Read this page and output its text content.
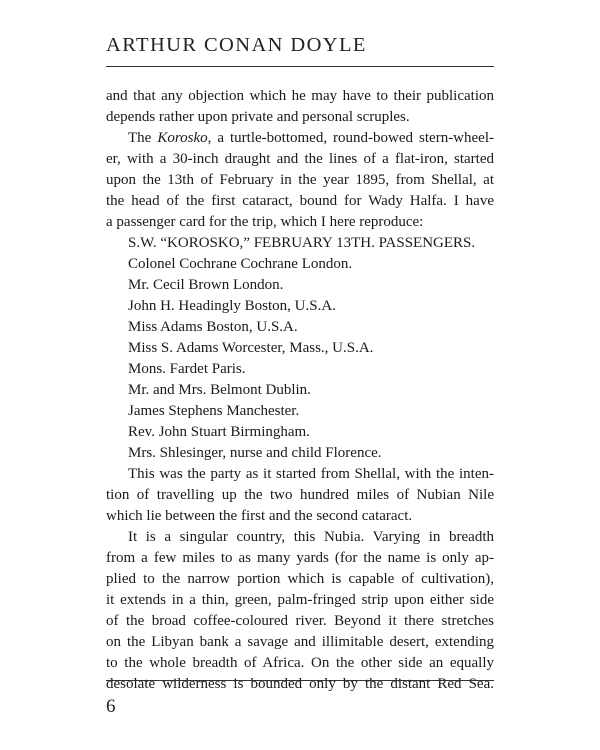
ARTHUR CONAN DOYLE
and that any objection which he may have to their publication
depends rather upon private and personal scruples.
The Korosko, a turtle-bottomed, round-bowed stern-wheel-
er, with a 30-inch draught and the lines of a flat-iron, started
upon the 13th of February in the year 1895, from Shellal, at
the head of the first cataract, bound for Wady Halfa. I have
a passenger card for the trip, which I here reproduce:
S.W. “KOROSKO,” FEBRUARY 13TH. PASSENGERS.
Colonel Cochrane Cochrane London.
Mr. Cecil Brown London.
John H. Headingly Boston, U.S.A.
Miss Adams Boston, U.S.A.
Miss S. Adams Worcester, Mass., U.S.A.
Mons. Fardet Paris.
Mr. and Mrs. Belmont Dublin.
James Stephens Manchester.
Rev. John Stuart Birmingham.
Mrs. Shlesinger, nurse and child Florence.
This was the party as it started from Shellal, with the inten-
tion of travelling up the two hundred miles of Nubian Nile
which lie between the first and the second cataract.
It is a singular country, this Nubia. Varying in breadth
from a few miles to as many yards (for the name is only ap-
plied to the narrow portion which is capable of cultivation),
it extends in a thin, green, palm-fringed strip upon either side
of the broad coffee-coloured river. Beyond it there stretches
on the Libyan bank a savage and illimitable desert, extending
to the whole breadth of Africa. On the other side an equally
desolate wilderness is bounded only by the distant Red Sea.
6
